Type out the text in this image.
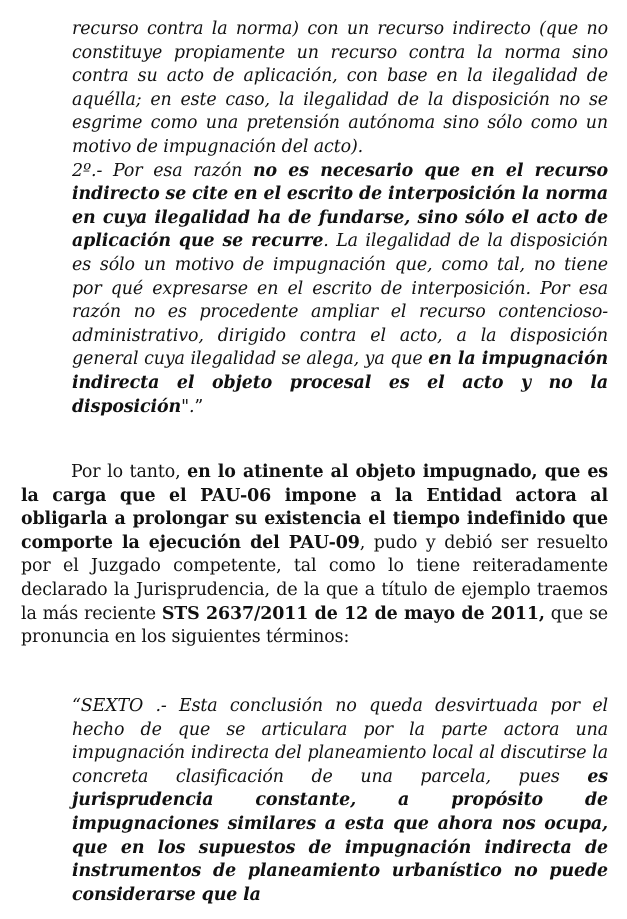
recurso contra la norma) con un recurso indirecto (que no constituye propiamente un recurso contra la norma sino contra su acto de aplicación, con base en la ilegalidad de aquélla; en este caso, la ilegalidad de la disposición no se esgrime como una pretensión autónoma sino sólo como un motivo de impugnación del acto).
2º.- Por esa razón no es necesario que en el recurso indirecto se cite en el escrito de interposición la norma en cuya ilegalidad ha de fundarse, sino sólo el acto de aplicación que se recurre. La ilegalidad de la disposición es sólo un motivo de impugnación que, como tal, no tiene por qué expresarse en el escrito de interposición. Por esa razón no es procedente ampliar el recurso contencioso-administrativo, dirigido contra el acto, a la disposición general cuya ilegalidad se alega, ya que en la impugnación indirecta el objeto procesal es el acto y no la disposición".”
Por lo tanto, en lo atinente al objeto impugnado, que es la carga que el PAU-06 impone a la Entidad actora al obligarla a prolongar su existencia el tiempo indefinido que comporte la ejecución del PAU-09, pudo y debió ser resuelto por el Juzgado competente, tal como lo tiene reiteradamente declarado la Jurisprudencia, de la que a título de ejemplo traemos la más reciente STS 2637/2011 de 12 de mayo de 2011, que se pronuncia en los siguientes términos:
“SEXTO .- Esta conclusión no queda desvirtuada por el hecho de que se articulara por la parte actora una impugnación indirecta del planeamiento local al discutirse la concreta clasificación de una parcela, pues es jurisprudencia constante, a propósito de impugnaciones similares a esta que ahora nos ocupa, que en los supuestos de impugnación indirecta de instrumentos de planeamiento urbanístico no puede considerarse que la
